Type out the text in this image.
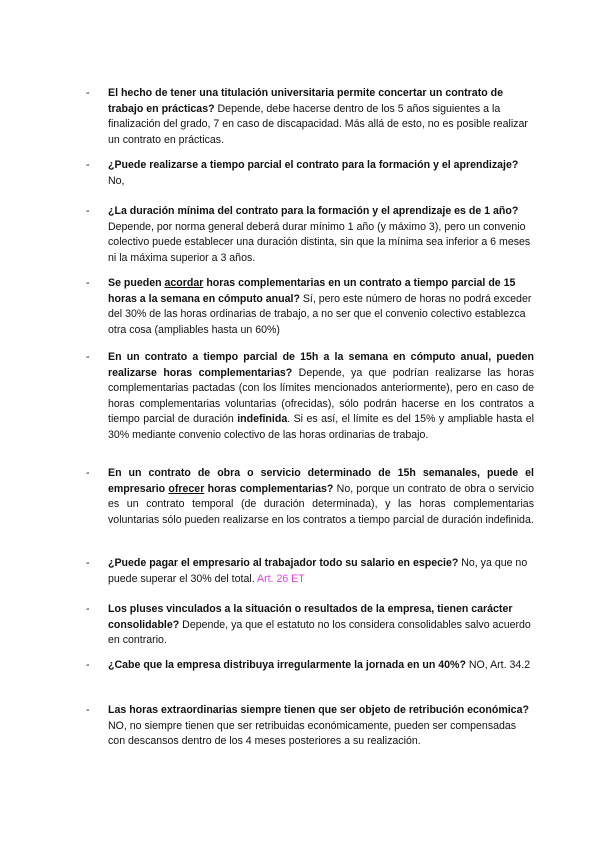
-	El hecho de tener una titulación universitaria permite concertar un contrato de trabajo en prácticas? Depende, debe hacerse dentro de los 5 años siguientes a la finalización del grado, 7 en caso de discapacidad. Más allá de esto, no es posible realizar un contrato en prácticas.
-	¿Puede realizarse a tiempo parcial el contrato para la formación y el aprendizaje? No,
-	¿La duración mínima del contrato para la formación y el aprendizaje es de 1 año? Depende, por norma general deberá durar mínimo 1 año (y máximo 3), pero un convenio colectivo puede establecer una duración distinta, sin que la mínima sea inferior a 6 meses ni la máxima superior a 3 años.
-	Se pueden acordar horas complementarias en un contrato a tiempo parcial de 15 horas a la semana en cómputo anual? Sí, pero este número de horas no podrá exceder del 30% de las horas ordinarias de trabajo, a no ser que el convenio colectivo establezca otra cosa (ampliables hasta un 60%)
-	En un contrato a tiempo parcial de 15h a la semana en cómputo anual, pueden realizarse horas complementarias? Depende, ya que podrían realizarse las horas complementarias pactadas (con los límites mencionados anteriormente), pero en caso de horas complementarias voluntarias (ofrecidas), sólo podrán hacerse en los contratos a tiempo parcial de duración indefinida. Si es así, el límite es del 15% y ampliable hasta el 30% mediante convenio colectivo de las horas ordinarias de trabajo.
-	En un contrato de obra o servicio determinado de 15h semanales, puede el empresario ofrecer horas complementarias? No, porque un contrato de obra o servicio es un contrato temporal (de duración determinada), y las horas complementarias voluntarias sólo pueden realizarse en los contratos a tiempo parcial de duración indefinida.
-	¿Puede pagar el empresario al trabajador todo su salario en especie? No, ya que no puede superar el 30% del total. Art. 26 ET
-	Los pluses vinculados a la situación o resultados de la empresa, tienen carácter consolidable? Depende, ya que el estatuto no los considera consolidables salvo acuerdo en contrario.
-	¿Cabe que la empresa distribuya irregularmente la jornada en un 40%? NO, Art. 34.2
-	Las horas extraordinarias siempre tienen que ser objeto de retribución económica? NO, no siempre tienen que ser retribuidas económicamente, pueden ser compensadas con descansos dentro de los 4 meses posteriores a su realización.
